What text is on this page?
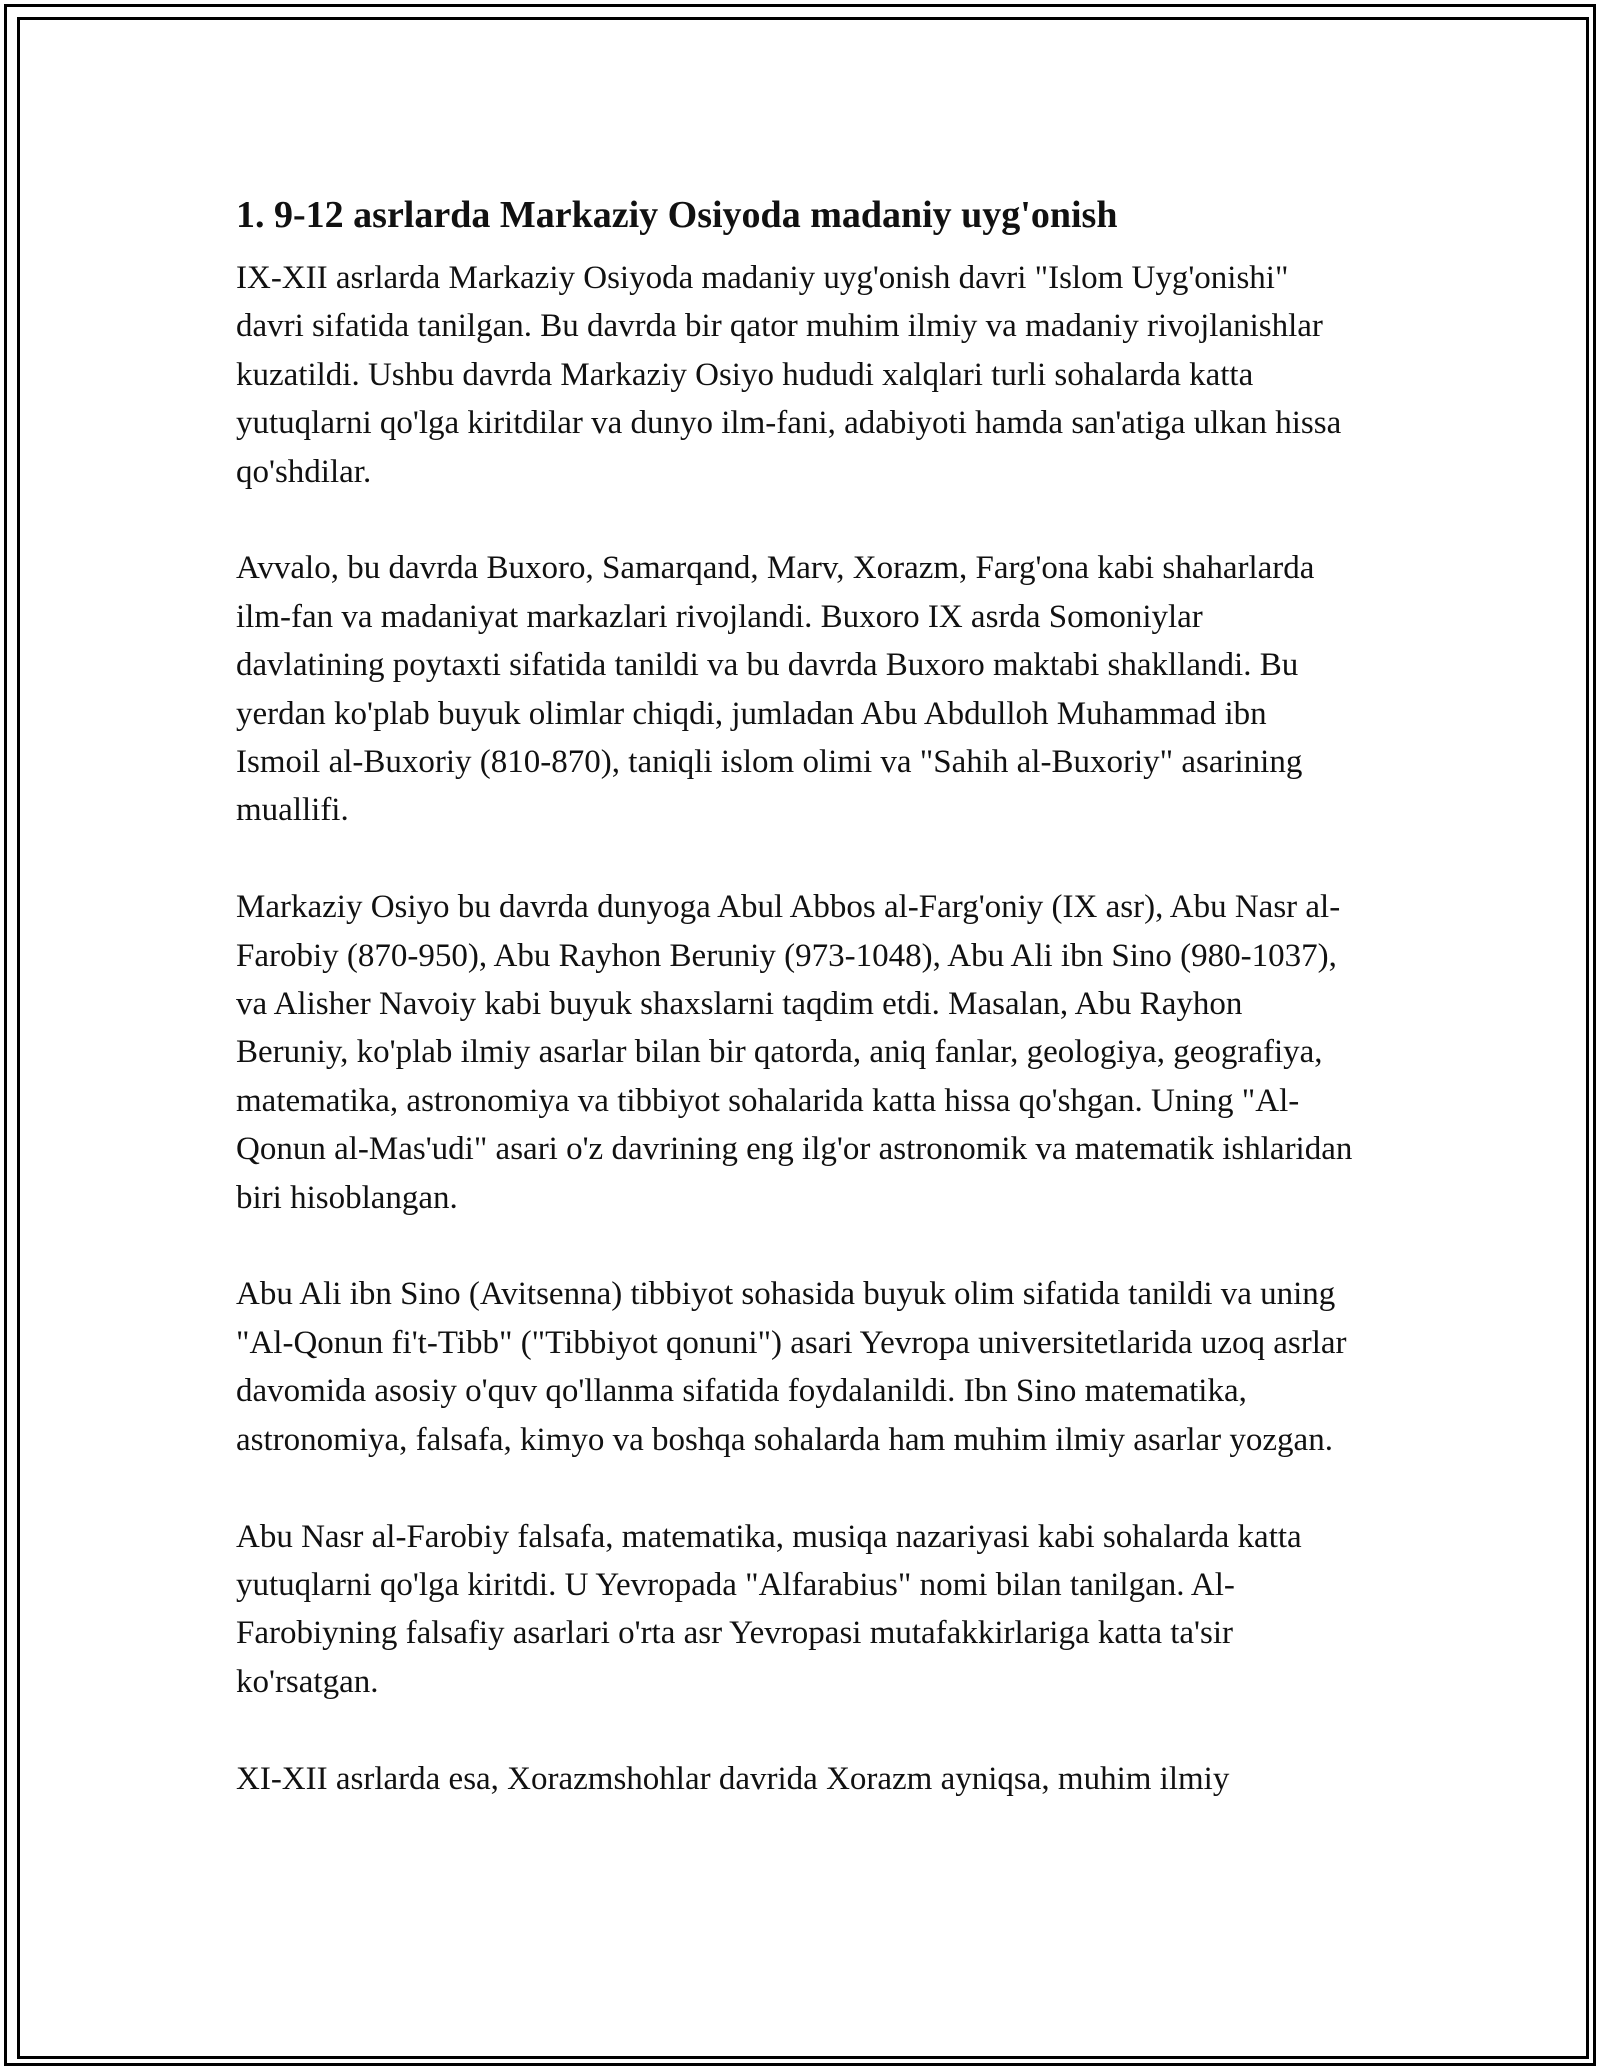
1. 9-12 asrlarda Markaziy Osiyoda madaniy uyg'onish

IX-XII asrlarda Markaziy Osiyoda madaniy uyg'onish davri "Islom Uyg'onishi" davri sifatida tanilgan. Bu davrda bir qator muhim ilmiy va madaniy rivojlanishlar kuzatildi. Ushbu davrda Markaziy Osiyo hududi xalqlari turli sohalarda katta yutuqlarni qo'lga kiritdilar va dunyo ilm-fani, adabiyoti hamda san'atiga ulkan hissa qo'shdilar.

Avvalo, bu davrda Buxoro, Samarqand, Marv, Xorazm, Farg'ona kabi shaharlarda ilm-fan va madaniyat markazlari rivojlandi. Buxoro IX asrda Somoniylar davlatining poytaxti sifatida tanildi va bu davrda Buxoro maktabi shakllandi. Bu yerdan ko'plab buyuk olimlar chiqdi, jumladan Abu Abdulloh Muhammad ibn Ismoil al-Buxoriy (810-870), taniqli islom olimi va "Sahih al-Buxoriy" asarining muallifi.

Markaziy Osiyo bu davrda dunyoga Abul Abbos al-Farg'oniy (IX asr), Abu Nasr al-Farobiy (870-950), Abu Rayhon Beruniy (973-1048), Abu Ali ibn Sino (980-1037), va Alisher Navoiy kabi buyuk shaxslarni taqdim etdi. Masalan, Abu Rayhon Beruniy, ko'plab ilmiy asarlar bilan bir qatorda, aniq fanlar, geologiya, geografiya, matematika, astronomiya va tibbiyot sohalarida katta hissa qo'shgan. Uning "Al-Qonun al-Mas'udi" asari o'z davrining eng ilg'or astronomik va matematik ishlaridan biri hisoblangan.

Abu Ali ibn Sino (Avitsenna) tibbiyot sohasida buyuk olim sifatida tanildi va uning "Al-Qonun fi't-Tibb" ("Tibbiyot qonuni") asari Yevropa universitetlarida uzoq asrlar davomida asosiy o'quv qo'llanma sifatida foydalanildi. Ibn Sino matematika, astronomiya, falsafa, kimyo va boshqa sohalarda ham muhim ilmiy asarlar yozgan.

Abu Nasr al-Farobiy falsafa, matematika, musiqa nazariyasi kabi sohalarda katta yutuqlarni qo'lga kiritdi. U Yevropada "Alfarabius" nomi bilan tanilgan. Al-Farobiyning falsafiy asarlari o'rta asr Yevropasi mutafakkirlariga katta ta'sir ko'rsatgan.

XI-XII asrlarda esa, Xorazmshohlar davrida Xorazm ayniqsa, muhim ilmiy
